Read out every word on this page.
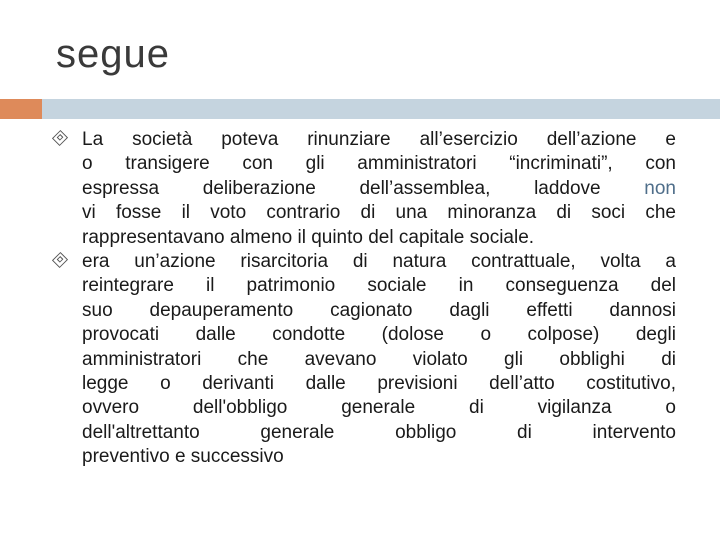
segue
La società poteva rinunziare all’esercizio dell’azione e
o transigere con gli amministratori “incriminati”, con
espressa deliberazione dell’assemblea, laddove non
vi fosse il voto contrario di una minoranza di soci che
rappresentavano almeno il quinto del capitale sociale.
era un’azione risarcitoria di natura contrattuale, volta a
reintegrare il patrimonio sociale in conseguenza del
suo depauperamento cagionato dagli effetti dannosi
provocati dalle condotte (dolose o colpose) degli
amministratori che avevano violato gli obblighi di
legge o derivanti dalle previsioni dell’atto costitutivo,
ovvero dell'obbligo generale di vigilanza o
dell'altrettanto generale obbligo di intervento
preventivo e successivo
